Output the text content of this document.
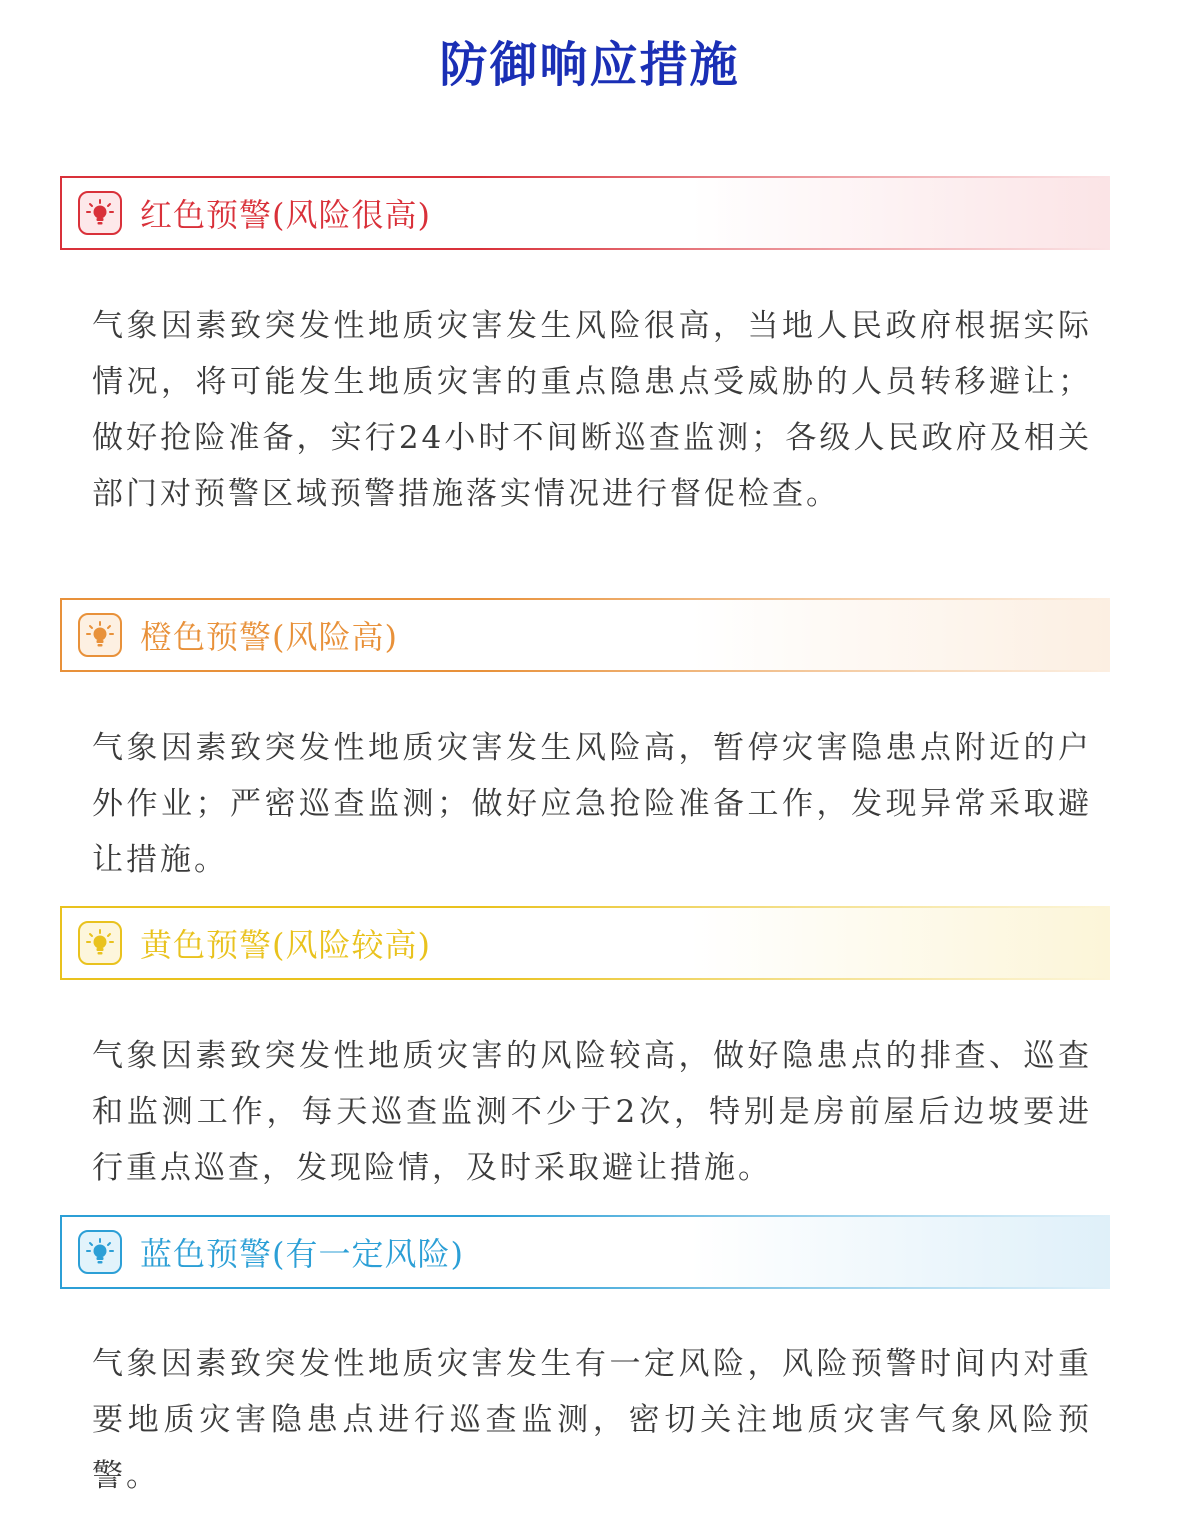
防御响应措施
红色预警(风险很高)
气象因素致突发性地质灾害发生风险很高，当地人民政府根据实际情况，将可能发生地质灾害的重点隐患点受威胁的人员转移避让；做好抢险准备，实行24小时不间断巡查监测；各级人民政府及相关部门对预警区域预警措施落实情况进行督促检查。
橙色预警(风险高)
气象因素致突发性地质灾害发生风险高，暂停灾害隐患点附近的户外作业；严密巡查监测；做好应急抢险准备工作，发现异常采取避让措施。
黄色预警(风险较高)
气象因素致突发性地质灾害的风险较高，做好隐患点的排查、巡查和监测工作，每天巡查监测不少于2次，特别是房前屋后边坡要进行重点巡查，发现险情，及时采取避让措施。
蓝色预警(有一定风险)
气象因素致突发性地质灾害发生有一定风险，风险预警时间内对重要地质灾害隐患点进行巡查监测，密切关注地质灾害气象风险预警。
